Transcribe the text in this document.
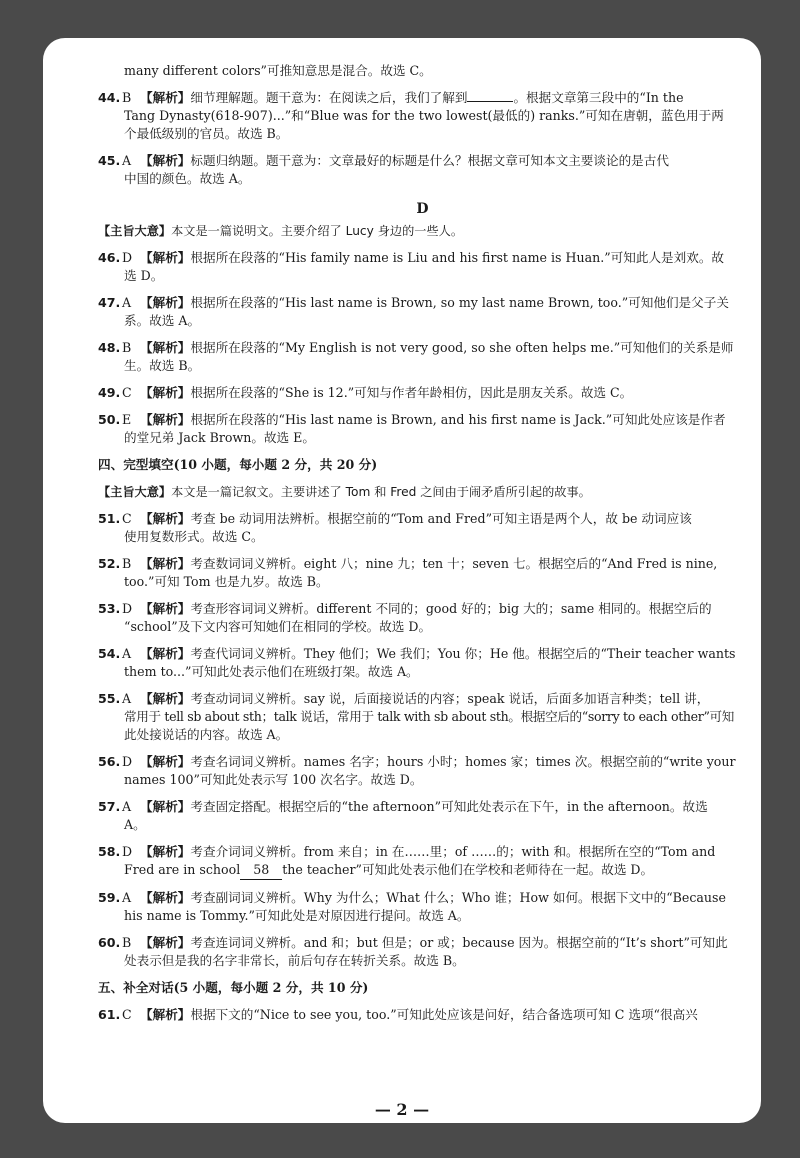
many different colors”可推知意思是混合。故选 C。

44. B 【解析】细节理解题。题干意为：在阅读之后，我们了解到	。根据文章第三段中的“In the

Tang Dynasty(618-907)...”和“Blue was for the two lowest(最低的) ranks.”可知在唐朝，蓝色用于两

个最低级别的官员。故选 B。

45. A 【解析】标题归纳题。题干意为：文章最好的标题是什么？根据文章可知本文主要谈论的是古代

中国的颜色。故选 A。

D

【主旨大意】本文是一篇说明文。主要介绍了 Lucy 身边的一些人。

46. D 【解析】根据所在段落的“His family name is Liu and his first name is Huan.”可知此人是刘欢。故

选 D。

47. A 【解析】根据所在段落的“His last name is Brown, so my last name Brown, too.”可知他们是父子关

系。故选 A。

48. B 【解析】根据所在段落的“My English is not very good, so she often helps me.”可知他们的关系是师

生。故选 B。

49. C 【解析】根据所在段落的“She is 12.”可知与作者年龄相仿，因此是朋友关系。故选 C。

50. E 【解析】根据所在段落的“His last name is Brown, and his first name is Jack.”可知此处应该是作者

的堂兄弟 Jack Brown。故选 E。

四、完型填空(10 小题，每小题 2 分，共 20 分)

【主旨大意】本文是一篇记叙文。主要讲述了 Tom 和 Fred 之间由于闹矛盾所引起的故事。

51. C 【解析】考查 be 动词用法辨析。根据空前的“Tom and Fred”可知主语是两个人，故 be 动词应该

使用复数形式。故选 C。

52. B 【解析】考查数词词义辨析。eight 八；nine 九；ten 十；seven 七。根据空后的“And Fred is nine,

too.”可知 Tom 也是九岁。故选 B。

53. D 【解析】考查形容词词义辨析。different 不同的；good 好的；big 大的；same 相同的。根据空后的

“school”及下文内容可知她们在相同的学校。故选 D。

54. A 【解析】考查代词词义辨析。They 他们；We 我们；You 你；He 他。根据空后的“Their teacher wants

them to...”可知此处表示他们在班级打架。故选 A。

55. A 【解析】考查动词词义辨析。say 说，后面接说话的内容；speak 说话，后面多加语言种类；tell 讲，

常用于 tell sb about sth；talk 说话，常用于 talk with sb about sth。根据空后的“sorry to each other”可知

此处接说话的内容。故选 A。

56. D 【解析】考查名词词义辨析。names 名字；hours 小时；homes 家；times 次。根据空前的“write your

names 100”可知此处表示写 100 次名字。故选 D。

57. A 【解析】考查固定搭配。根据空后的“the afternoon”可知此处表示在下午，in the afternoon。故选

A。

58. D 【解析】考查介词词义辨析。from 来自；in 在……里；of ……的；with 和。根据所在空的“Tom and

Fred are in school 58 the teacher”可知此处表示他们在学校和老师待在一起。故选 D。

59. A 【解析】考查副词词义辨析。Why 为什么；What 什么；Who 谁；How 如何。根据下文中的“Because

his name is Tommy.”可知此处是对原因进行提问。故选 A。

60. B 【解析】考查连词词义辨析。and 和；but 但是；or 或；because 因为。根据空前的“It’s short”可知此

处表示但是我的名字非常长，前后句存在转折关系。故选 B。

五、补全对话(5 小题，每小题 2 分，共 10 分)

61. C 【解析】根据下文的“Nice to see you, too.”可知此处应该是问好，结合备选项可知 C 选项“很高兴

— 2 —
